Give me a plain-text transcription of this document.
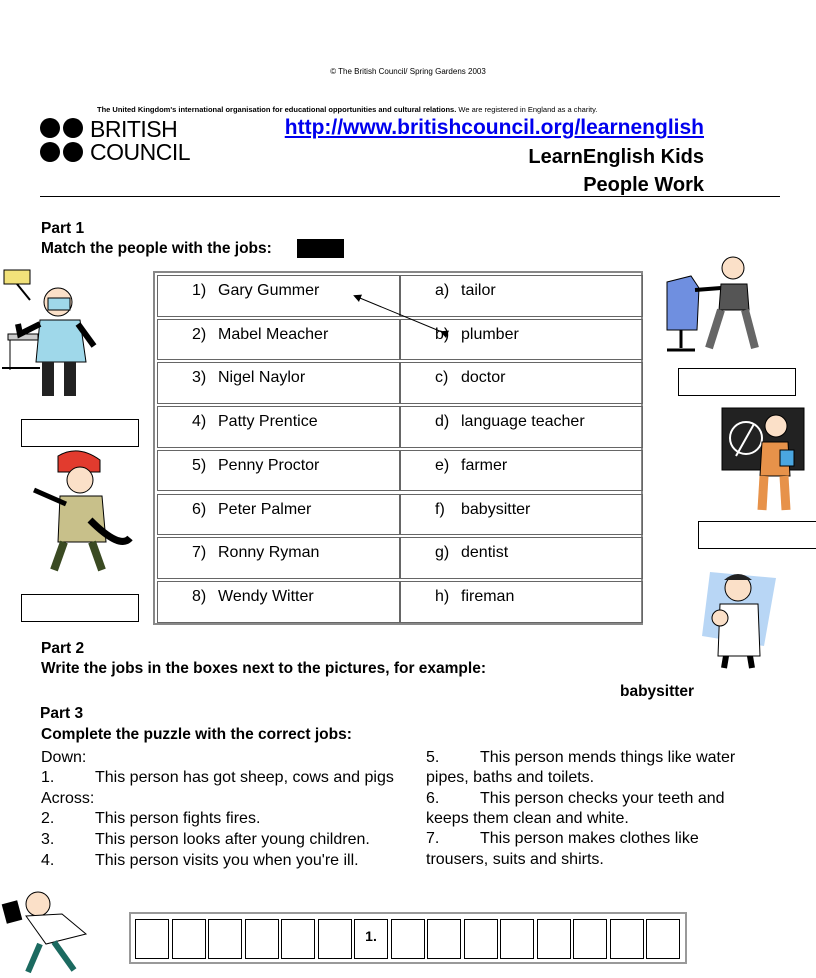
© The British Council/ Spring Gardens 2003
The United Kingdom's international organisation for educational opportunities and cultural relations. We are registered in England as a charity.
BRITISH
COUNCIL
http://www.britishcouncil.org/learnenglish
LearnEnglish Kids
People Work
Part 1
Match the people with the jobs:
1) Gary Gummer	a) tailor
2) Mabel Meacher	b) plumber
3) Nigel Naylor	c) doctor
4) Patty Prentice	d) language teacher
5) Penny Proctor	e) farmer
6) Peter Palmer	f) babysitter
7) Ronny Ryman	g) dentist
8) Wendy Witter	h) fireman
Part 2
Write the jobs in the boxes next to the pictures, for example:
babysitter
Part 3
Complete the puzzle with the correct jobs:
Down:
1.	This person has got sheep, cows and pigs
Across:
2.	This person fights fires.
3.	This person looks after young children.
4.	This person visits you when you're ill.
5.	This person mends things like water
pipes, baths and toilets.
6.	This person checks your teeth and
keeps them clean and white.
7.	This person makes clothes like
trousers, suits and shirts.
1.
